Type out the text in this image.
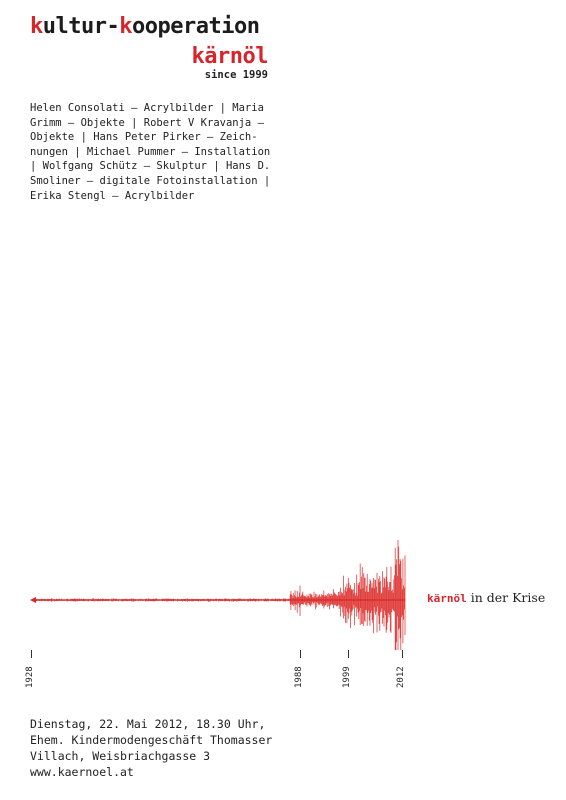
kultur-kooperation
kärnöl
since 1999
Helen Consolati – Acrylbilder | Maria
Grimm – Objekte | Robert V Kravanja –
Objekte | Hans Peter Pirker – Zeich-
nungen | Michael Pummer – Installation
| Wolfgang Schütz – Skulptur | Hans D.
Smoliner – digitale Fotoinstallation |
Erika Stengl – Acrylbilder
kärnöl in der Krise
1928	1988	1999	2012
Dienstag, 22. Mai 2012, 18.30 Uhr,
Ehem. Kindermodengeschäft Thomasser
Villach, Weisbriachgasse 3
www.kaernoel.at
